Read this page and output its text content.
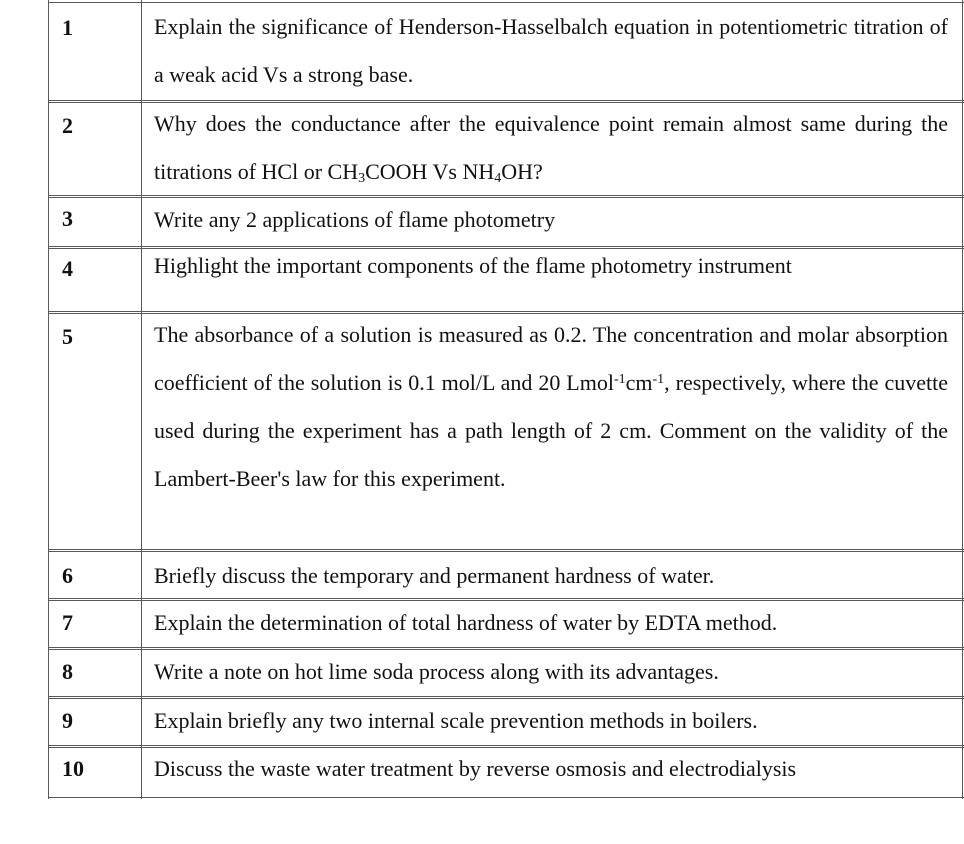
1	Explain the significance of Henderson-Hasselbalch equation in potentiometric titration of a weak acid Vs a strong base.

2	Why does the conductance after the equivalence point remain almost same during the titrations of HCl or $CH_3COOH$ Vs $NH_4OH$?

3	Write any 2 applications of flame photometry

4	Highlight the important components of the flame photometry instrument

5	The absorbance of a solution is measured as 0.2. The concentration and molar absorption coefficient of the solution is 0.1 mol/L and 20 $Lmol^{-1}cm^{-1}$, respectively, where the cuvette used during the experiment has a path length of 2 cm. Comment on the validity of the Lambert-Beer's law for this experiment.

6	Briefly discuss the temporary and permanent hardness of water.

7	Explain the determination of total hardness of water by EDTA method.

8	Write a note on hot lime soda process along with its advantages.

9	Explain briefly any two internal scale prevention methods in boilers.

10	Discuss the waste water treatment by reverse osmosis and electrodialysis
